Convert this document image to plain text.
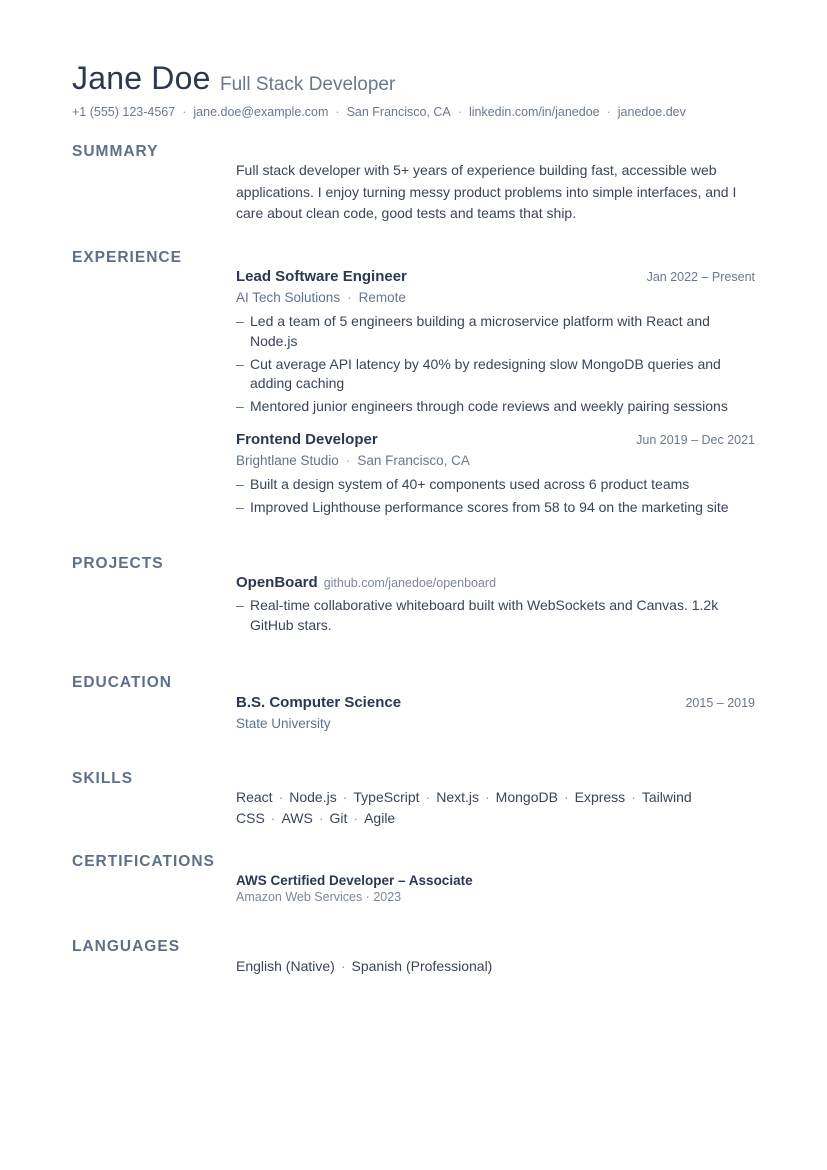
Jane Doe Full Stack Developer
+1 (555) 123-4567 · jane.doe@example.com · San Francisco, CA · linkedin.com/in/janedoe · janedoe.dev
SUMMARY

Full stack developer with 5+ years of experience building fast, accessible web applications. I enjoy turning messy product problems into simple interfaces, and I care about clean code, good tests and teams that ship.

EXPERIENCE
Lead Software Engineer	Jan 2022 – Present
AI Tech Solutions · Remote
– Led a team of 5 engineers building a microservice platform with React and Node.js
– Cut average API latency by 40% by redesigning slow MongoDB queries and adding caching
– Mentored junior engineers through code reviews and weekly pairing sessions
Frontend Developer	Jun 2019 – Dec 2021
Brightlane Studio · San Francisco, CA
– Built a design system of 40+ components used across 6 product teams
– Improved Lighthouse performance scores from 58 to 94 on the marketing site
PROJECTS
OpenBoard github.com/janedoe/openboard
– Real-time collaborative whiteboard built with WebSockets and Canvas. 1.2k GitHub stars.
EDUCATION
B.S. Computer Science	2015 – 2019
State University
SKILLS
React · Node.js · TypeScript · Next.js · MongoDB · Express · Tailwind CSS · AWS · Git · Agile
CERTIFICATIONS
AWS Certified Developer – Associate
Amazon Web Services · 2023
LANGUAGES
English (Native) · Spanish (Professional)
